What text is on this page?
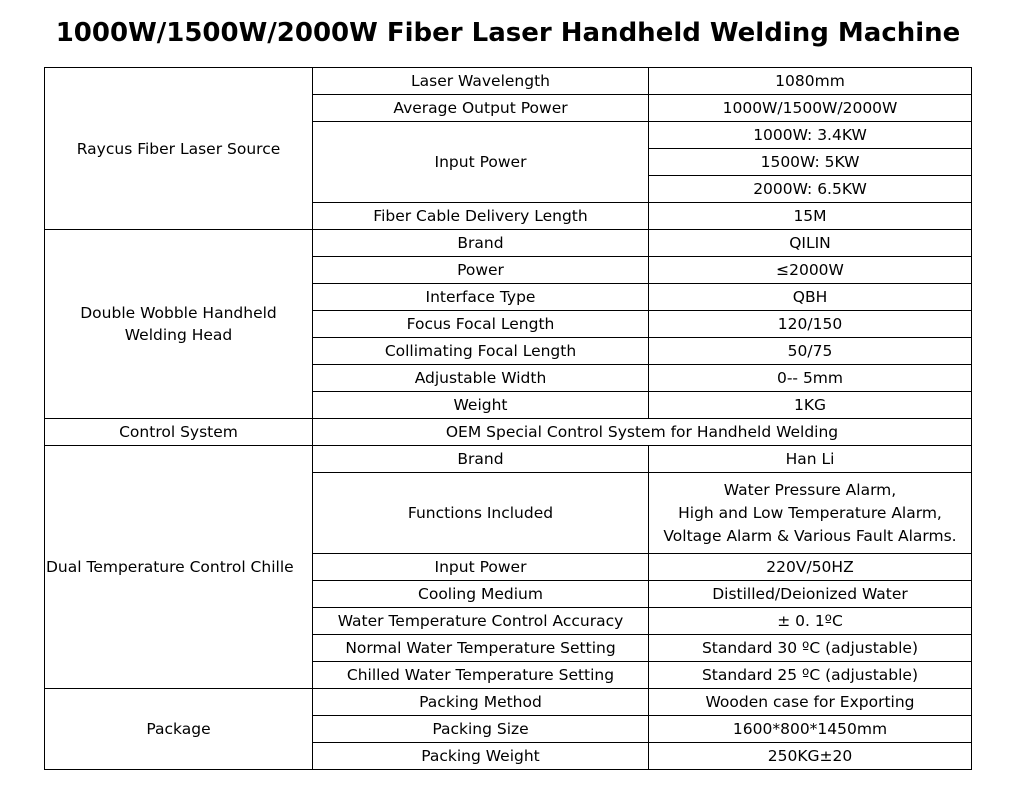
1000W/1500W/2000W Fiber Laser Handheld Welding Machine
Raycus Fiber Laser Source	Laser Wavelength	1080mm
	Average Output Power	1000W/1500W/2000W
	Input Power	1000W: 3.4KW
		1500W: 5KW
		2000W: 6.5KW
	Fiber Cable Delivery Length	15M

Double Wobble Handheld
Welding Head	Brand	QILIN
	Power	≤2000W
	Interface Type	QBH
	Focus Focal Length	120/150
	Collimating Focal Length	50/75
	Adjustable Width	0-- 5mm
	Weight	1KG
Control System	OEM Special Control System for Handheld Welding	
Dual Temperature Control Chille	Brand	Han Li
	Functions Included	Water Pressure Alarm,
High and Low Temperature Alarm,
Voltage Alarm & Various Fault Alarms.

	Input Power	220V/50HZ
	Cooling Medium	Distilled/Deionized Water
	Water Temperature Control Accuracy	± 0. 1ºC
	Normal Water Temperature Setting	Standard 30 ºC (adjustable)
	Chilled Water Temperature Setting	Standard 25 ºC (adjustable)
Package	Packing Method	Wooden case for Exporting
	Packing Size	1600*800*1450mm
	Packing Weight	250KG±20
